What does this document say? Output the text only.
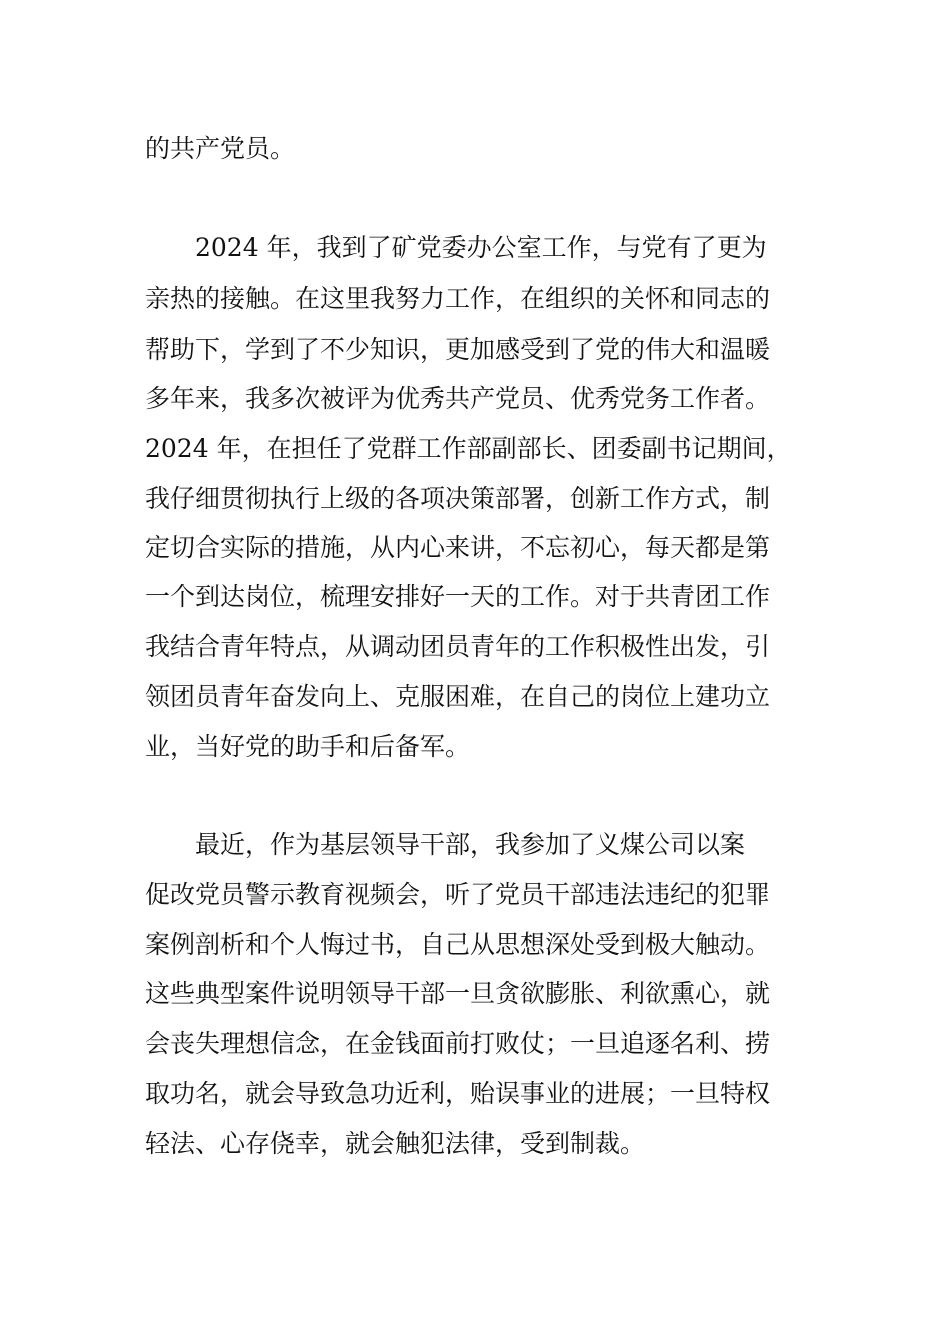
的共产党员。
　　2024 年，我到了矿党委办公室工作，与党有了更为
亲热的接触。在这里我努力工作，在组织的关怀和同志的
帮助下，学到了不少知识，更加感受到了党的伟大和温暖
多年来，我多次被评为优秀共产党员、优秀党务工作者。
2024 年，在担任了党群工作部副部长、团委副书记期间，
我仔细贯彻执行上级的各项决策部署，创新工作方式，制
定切合实际的措施，从内心来讲，不忘初心，每天都是第
一个到达岗位，梳理安排好一天的工作。对于共青团工作
我结合青年特点，从调动团员青年的工作积极性出发，引
领团员青年奋发向上、克服困难，在自己的岗位上建功立
业，当好党的助手和后备军。
　　最近，作为基层领导干部，我参加了义煤公司以案
促改党员警示教育视频会，听了党员干部违法违纪的犯罪
案例剖析和个人悔过书，自己从思想深处受到极大触动。
这些典型案件说明领导干部一旦贪欲膨胀、利欲熏心，就
会丧失理想信念，在金钱面前打败仗；一旦追逐名利、捞
取功名，就会导致急功近利，贻误事业的进展；一旦特权
轻法、心存侥幸，就会触犯法律，受到制裁。
